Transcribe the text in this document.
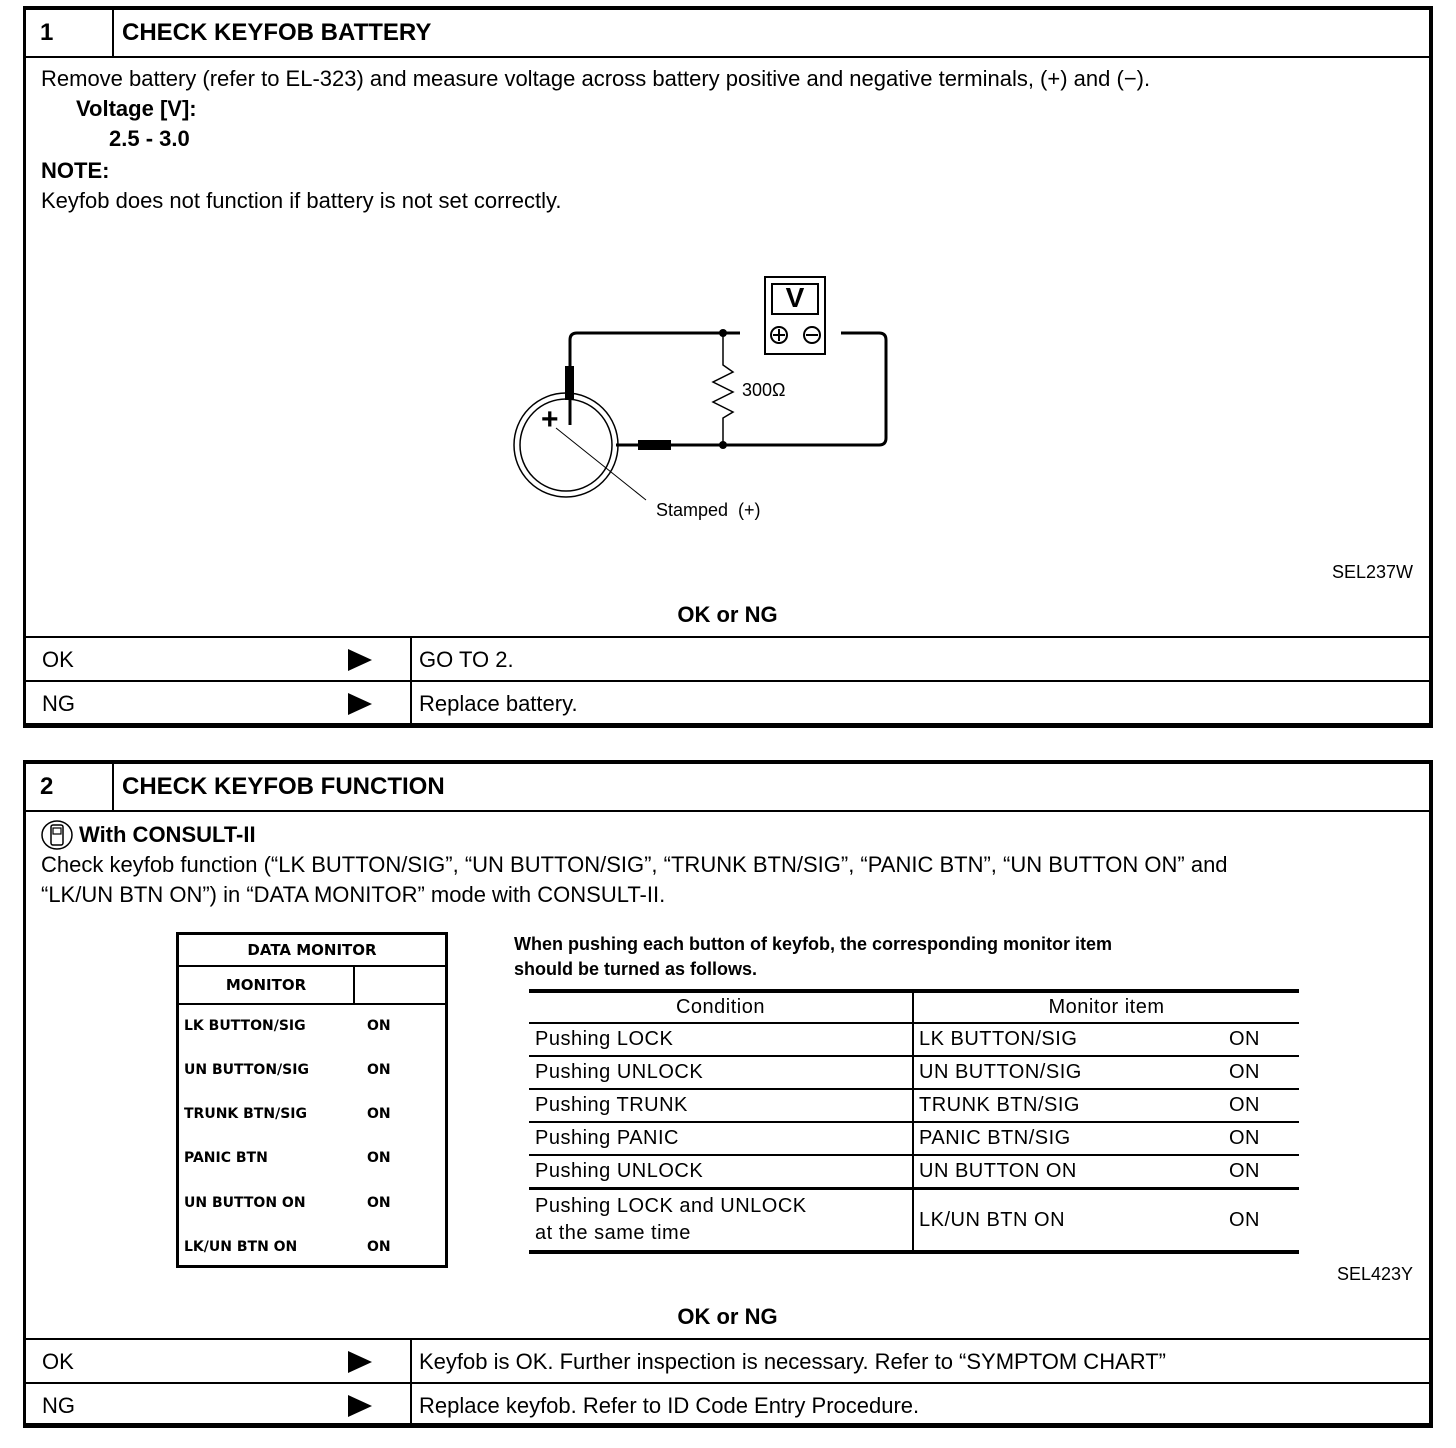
1	CHECK KEYFOB BATTERY
Remove battery (refer to EL-323) and measure voltage across battery positive and negative terminals, (+) and (−).
Voltage [V]:
2.5 - 3.0
NOTE:
Keyfob does not function if battery is not set correctly.
V
300Ω
+
Stamped  (+)
SEL237W
OK or NG
OK	GO TO 2.
NG	Replace battery.
2	CHECK KEYFOB FUNCTION
With CONSULT-II
Check keyfob function (“LK BUTTON/SIG”, “UN BUTTON/SIG”, “TRUNK BTN/SIG”, “PANIC BTN”, “UN BUTTON ON” and
“LK/UN BTN ON”) in “DATA MONITOR” mode with CONSULT-II.
DATA MONITOR
MONITOR
LK BUTTON/SIG	ON
UN BUTTON/SIG	ON
TRUNK BTN/SIG	ON
PANIC BTN	ON
UN BUTTON ON	ON
LK/UN BTN ON	ON
When pushing each button of keyfob, the corresponding monitor item
should be turned as follows.
Condition	Monitor item
Pushing LOCK	LK BUTTON/SIG	ON
Pushing UNLOCK	UN BUTTON/SIG	ON
Pushing TRUNK	TRUNK BTN/SIG	ON
Pushing PANIC	PANIC BTN/SIG	ON
Pushing UNLOCK	UN BUTTON ON	ON
Pushing LOCK and UNLOCK
at the same time
LK/UN BTN ON	ON
SEL423Y
OK or NG
OK	Keyfob is OK. Further inspection is necessary. Refer to “SYMPTOM CHART”
NG	Replace keyfob. Refer to ID Code Entry Procedure.
